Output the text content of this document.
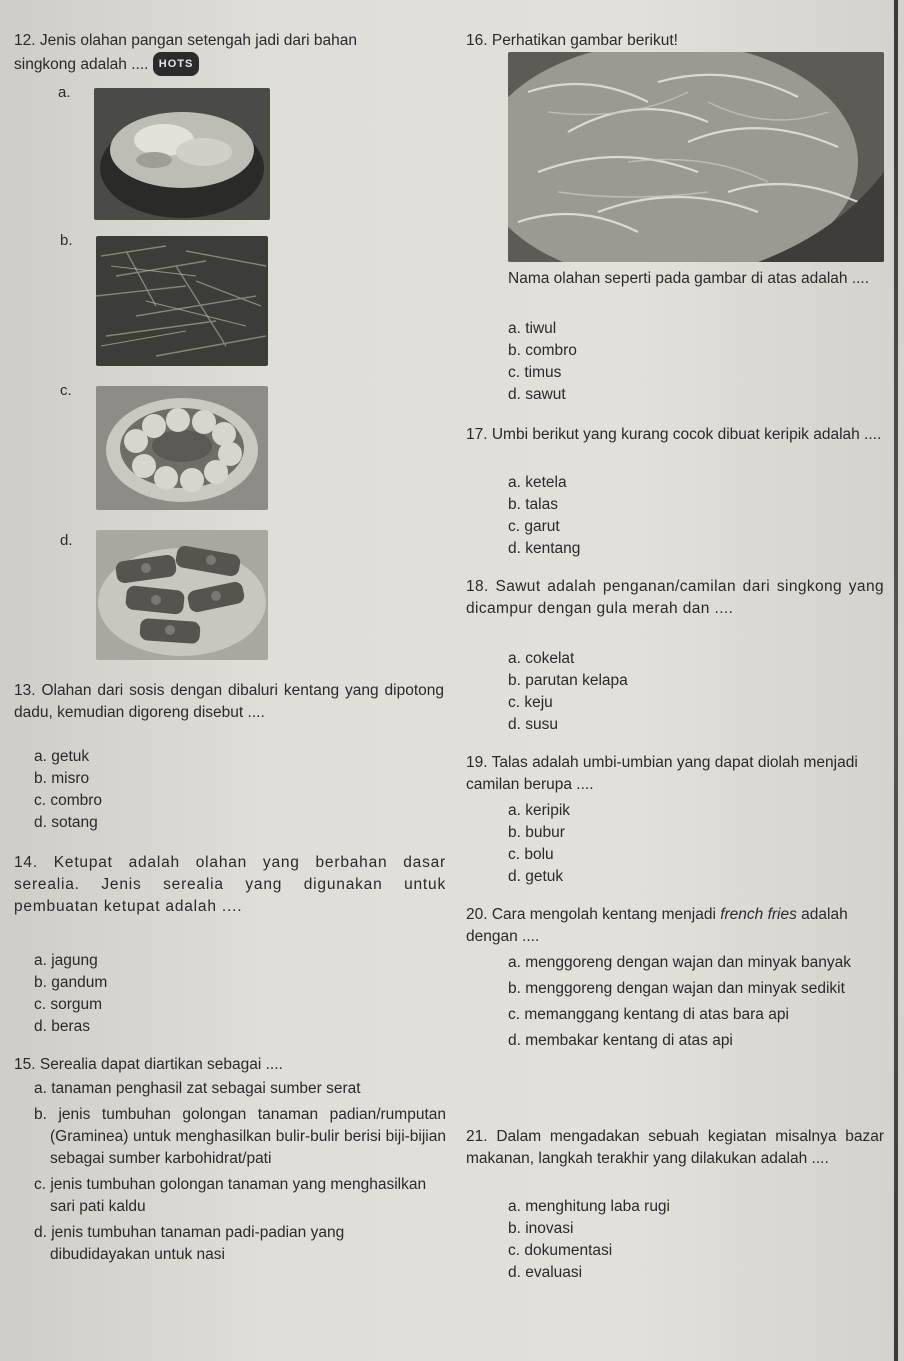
12. Jenis olahan pangan setengah jadi dari bahan singkong adalah .... HOTS
a.
b.
c.
d.
13. Olahan dari sosis dengan dibaluri kentang yang dipotong dadu, kemudian digoreng disebut ....
a. getuk
b. misro
c. combro
d. sotang
14. Ketupat adalah olahan yang berbahan dasar serealia. Jenis serealia yang digunakan untuk pembuatan ketupat adalah ....
a. jagung
b. gandum
c. sorgum
d. beras
15. Serealia dapat diartikan sebagai ....
a. tanaman penghasil zat sebagai sumber serat
b. jenis tumbuhan golongan tanaman padian/rumputan (Graminea) untuk menghasilkan bulir-bulir berisi biji-bijian sebagai sumber karbohidrat/pati
c. jenis tumbuhan golongan tanaman yang menghasilkan sari pati kaldu
d. jenis tumbuhan tanaman padi-padian yang dibudidayakan untuk nasi
16. Perhatikan gambar berikut!
Nama olahan seperti pada gambar di atas adalah ....
a. tiwul
b. combro
c. timus
d. sawut
17. Umbi berikut yang kurang cocok dibuat keripik adalah ....
a. ketela
b. talas
c. garut
d. kentang
18. Sawut adalah penganan/camilan dari singkong yang dicampur dengan gula merah dan ....
a. cokelat
b. parutan kelapa
c. keju
d. susu
19. Talas adalah umbi-umbian yang dapat diolah menjadi camilan berupa ....
a. keripik
b. bubur
c. bolu
d. getuk
20. Cara mengolah kentang menjadi french fries adalah dengan ....
a. menggoreng dengan wajan dan minyak banyak
b. menggoreng dengan wajan dan minyak sedikit
c. memanggang kentang di atas bara api
d. membakar kentang di atas api
21. Dalam mengadakan sebuah kegiatan misalnya bazar makanan, langkah terakhir yang dilakukan adalah ....
a. menghitung laba rugi
b. inovasi
c. dokumentasi
d. evaluasi
